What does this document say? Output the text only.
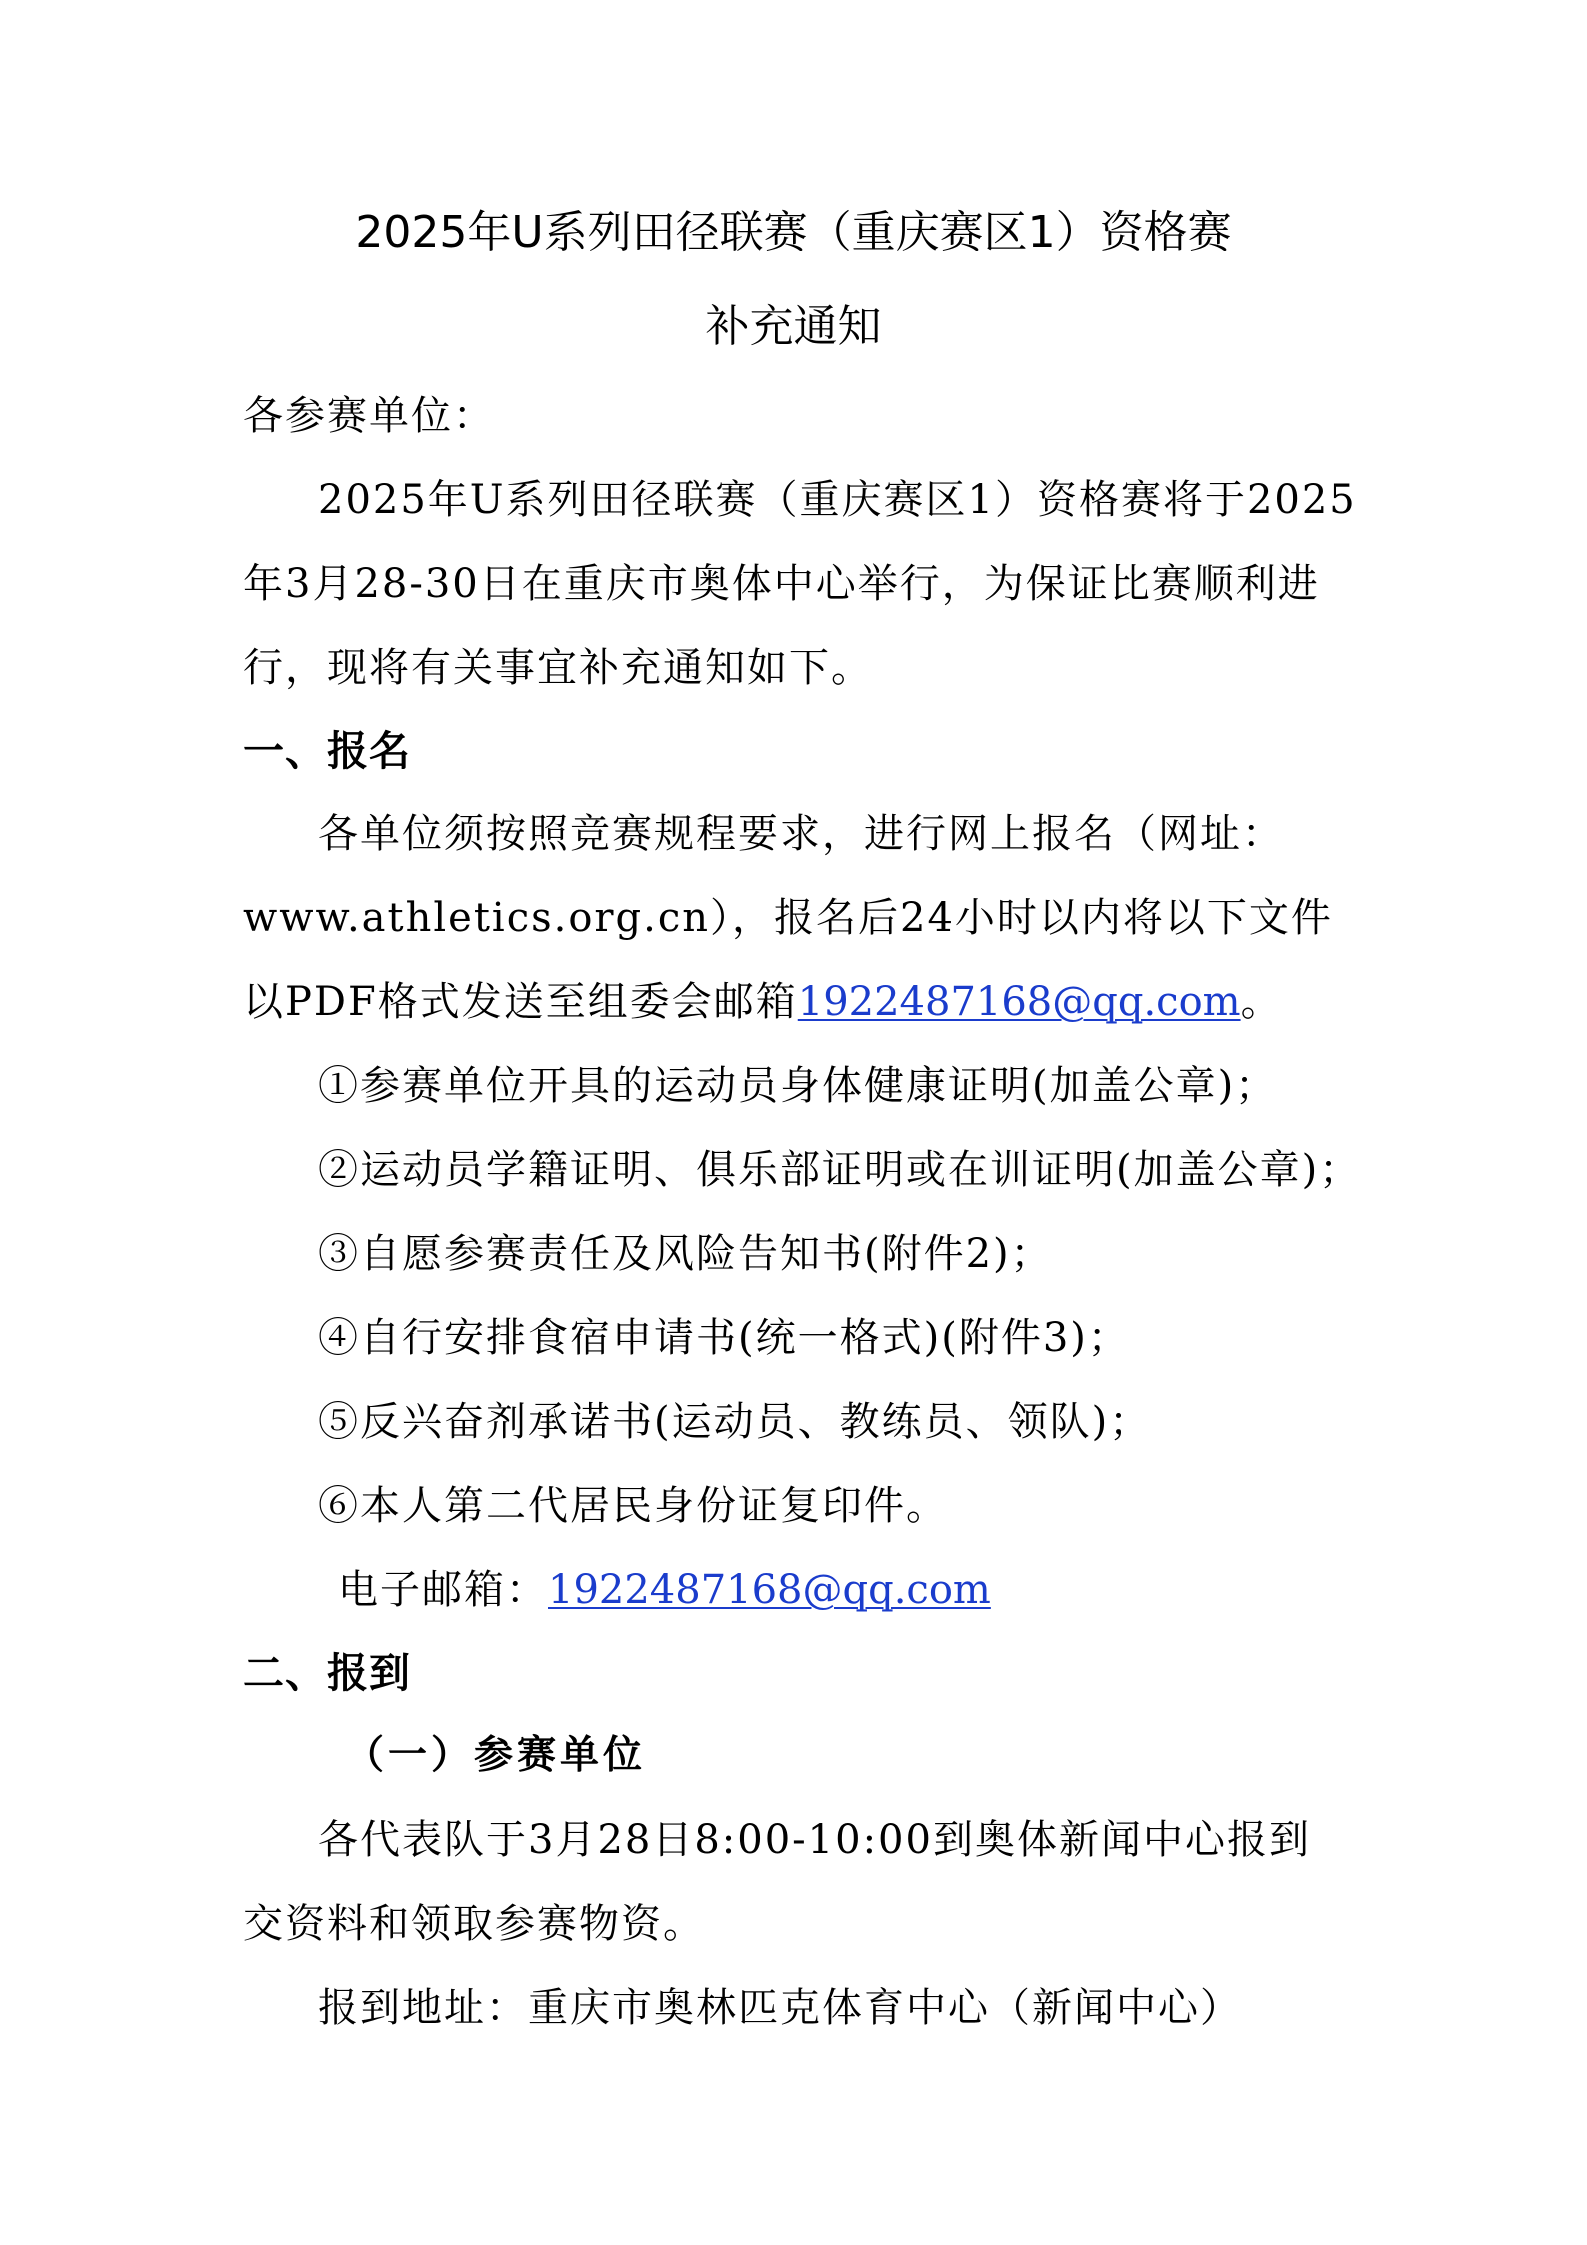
2025年U系列田径联赛（重庆赛区1）资格赛
补充通知

各参赛单位：

2025年U系列田径联赛（重庆赛区1）资格赛将于2025

年3月28-30日在重庆市奥体中心举行，为保证比赛顺利进

行，现将有关事宜补充通知如下。

一、报名

各单位须按照竞赛规程要求，进行网上报名（网址：

www.athletics.org.cn），报名后24小时以内将以下文件

以PDF格式发送至组委会邮箱1922487168@qq.com。

①参赛单位开具的运动员身体健康证明(加盖公章)；

②运动员学籍证明、俱乐部证明或在训证明(加盖公章)；

③自愿参赛责任及风险告知书(附件2)；

④自行安排食宿申请书(统一格式)(附件3)；

⑤反兴奋剂承诺书(运动员、教练员、领队)；

⑥本人第二代居民身份证复印件。

电子邮箱：1922487168@qq.com

二、报到

（一）参赛单位

各代表队于3月28日8:00-10:00到奥体新闻中心报到

交资料和领取参赛物资。

报到地址：重庆市奥林匹克体育中心（新闻中心）
